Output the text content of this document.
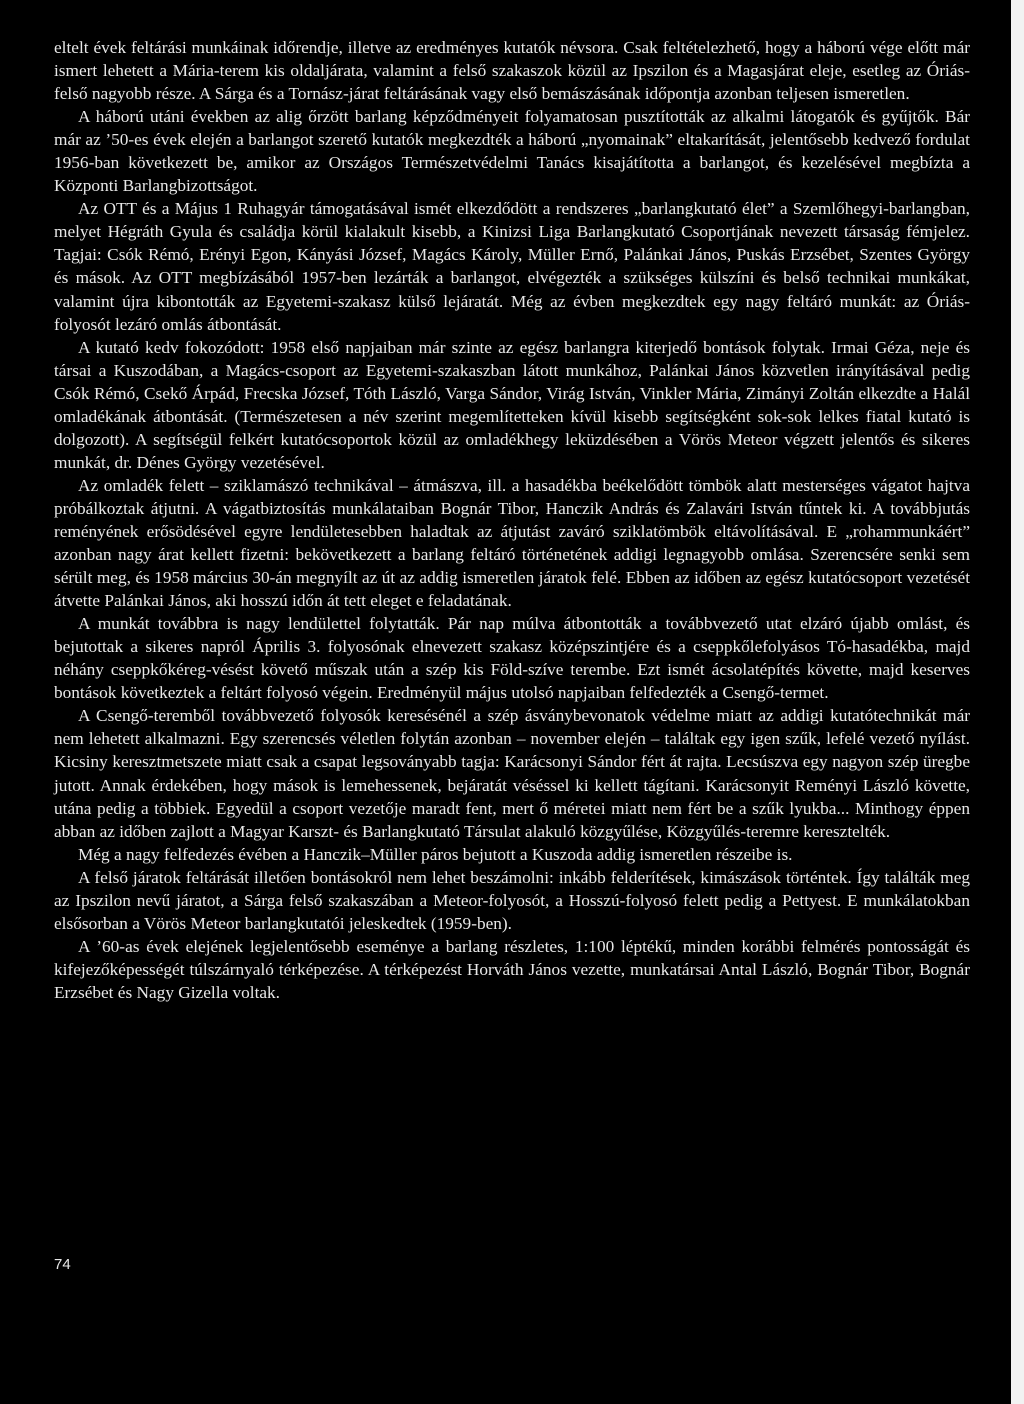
eltelt évek feltárási munkáinak időrendje, illetve az eredményes kutatók névsora. Csak feltételezhető, hogy a háború vége előtt már ismert lehetett a Mária-terem kis oldaljárata, valamint a felső szakaszok közül az Ipszilon és a Magasjárat eleje, esetleg az Óriás-felső nagyobb része. A Sárga és a Tornász-járat feltárásának vagy első bemászásának időpontja azonban teljesen ismeretlen.

A háború utáni években az alig őrzött barlang képződményeit folyamatosan pusztították az alkalmi látogatók és gyűjtők. Bár már az ’50-es évek elején a barlangot szerető kutatók megkezdték a háború „nyomainak” eltakarítását, jelentősebb kedvező fordulat 1956-ban következett be, amikor az Országos Természetvédelmi Tanács kisajátította a barlangot, és kezelésével megbízta a Központi Barlangbizottságot.

Az OTT és a Május 1 Ruhagyár támogatásával ismét elkezdődött a rendszeres „barlangkutató élet” a Szemlőhegyi-barlangban, melyet Hégráth Gyula és családja körül kialakult kisebb, a Kinizsi Liga Barlangkutató Csoportjának nevezett társaság fémjelez. Tagjai: Csók Rémó, Erényi Egon, Kányási József, Magács Károly, Müller Ernő, Palánkai János, Puskás Erzsébet, Szentes György és mások. Az OTT megbízásából 1957-ben lezárták a barlangot, elvégezték a szükséges külszíni és belső technikai munkákat, valamint újra kibontották az Egyetemi-szakasz külső lejáratát. Még az évben megkezdtek egy nagy feltáró munkát: az Óriás-folyosót lezáró omlás átbontását.

A kutató kedv fokozódott: 1958 első napjaiban már szinte az egész barlangra kiterjedő bontások folytak. Irmai Géza, neje és társai a Kuszodában, a Magács-csoport az Egyetemi-szakaszban látott munkához, Palánkai János közvetlen irányításával pedig Csók Rémó, Csekő Árpád, Frecska József, Tóth László, Varga Sándor, Virág István, Vinkler Mária, Zimányi Zoltán elkezdte a Halál omladékának átbontását. (Természetesen a név szerint megemlítetteken kívül kisebb segítségként sok-sok lelkes fiatal kutató is dolgozott). A segítségül felkért kutatócsoportok közül az omladékhegy leküzdésében a Vörös Meteor végzett jelentős és sikeres munkát, dr. Dénes György vezetésével.

Az omladék felett – sziklamászó technikával – átmászva, ill. a hasadékba beékelődött tömbök alatt mesterséges vágatot hajtva próbálkoztak átjutni. A vágatbiztosítás munkálataiban Bognár Tibor, Hanczik András és Zalavári István tűntek ki. A továbbjutás reményének erősödésével egyre lendületesebben haladtak az átjutást zaváró sziklatömbök eltávolításával. E „rohammunkáért” azonban nagy árat kellett fizetni: bekövetkezett a barlang feltáró történetének addigi legnagyobb omlása. Szerencsére senki sem sérült meg, és 1958 március 30-án megnyílt az út az addig ismeretlen járatok felé. Ebben az időben az egész kutatócsoport vezetését átvette Palánkai János, aki hosszú időn át tett eleget e feladatának.

A munkát továbbra is nagy lendülettel folytatták. Pár nap múlva átbontották a továbbvezető utat elzáró újabb omlást, és bejutottak a sikeres napról Április 3. folyosónak elnevezett szakasz középszintjére és a cseppkőlefolyásos Tó-hasadékba, majd néhány cseppkőkéreg-vésést követő műszak után a szép kis Föld-szíve terembe. Ezt ismét ácsolatépítés követte, majd keserves bontások következtek a feltárt folyosó végein. Eredményül május utolsó napjaiban felfedezték a Csengő-termet.

A Csengő-teremből továbbvezető folyosók keresésénél a szép ásványbevonatok védelme miatt az addigi kutatótechnikát már nem lehetett alkalmazni. Egy szerencsés véletlen folytán azonban – november elején – találtak egy igen szűk, lefelé vezető nyílást. Kicsiny keresztmetszete miatt csak a csapat legsoványabb tagja: Karácsonyi Sándor fért át rajta. Lecsúszva egy nagyon szép üregbe jutott. Annak érdekében, hogy mások is lemehessenek, bejáratát véséssel ki kellett tágítani. Karácsonyit Reményi László követte, utána pedig a többiek. Egyedül a csoport vezetője maradt fent, mert ő méretei miatt nem fért be a szűk lyukba... Minthogy éppen abban az időben zajlott a Magyar Karszt- és Barlangkutató Társulat alakuló közgyűlése, Közgyűlés-teremre keresztelték.

Még a nagy felfedezés évében a Hanczik–Müller páros bejutott a Kuszoda addig ismeretlen részeibe is.

A felső járatok feltárását illetően bontásokról nem lehet beszámolni: inkább felderítések, kimászások történtek. Így találták meg az Ipszilon nevű járatot, a Sárga felső szakaszában a Meteor-folyosót, a Hosszú-folyosó felett pedig a Pettyest. E munkálatokban elsősorban a Vörös Meteor barlangkutatói jeleskedtek (1959-ben).

A ’60-as évek elejének legjelentősebb eseménye a barlang részletes, 1:100 léptékű, minden korábbi felmérés pontosságát és kifejezőképességét túlszárnyaló térképezése. A térképezést Horváth János vezette, munkatársai Antal László, Bognár Tibor, Bognár Erzsébet és Nagy Gizella voltak.

74
